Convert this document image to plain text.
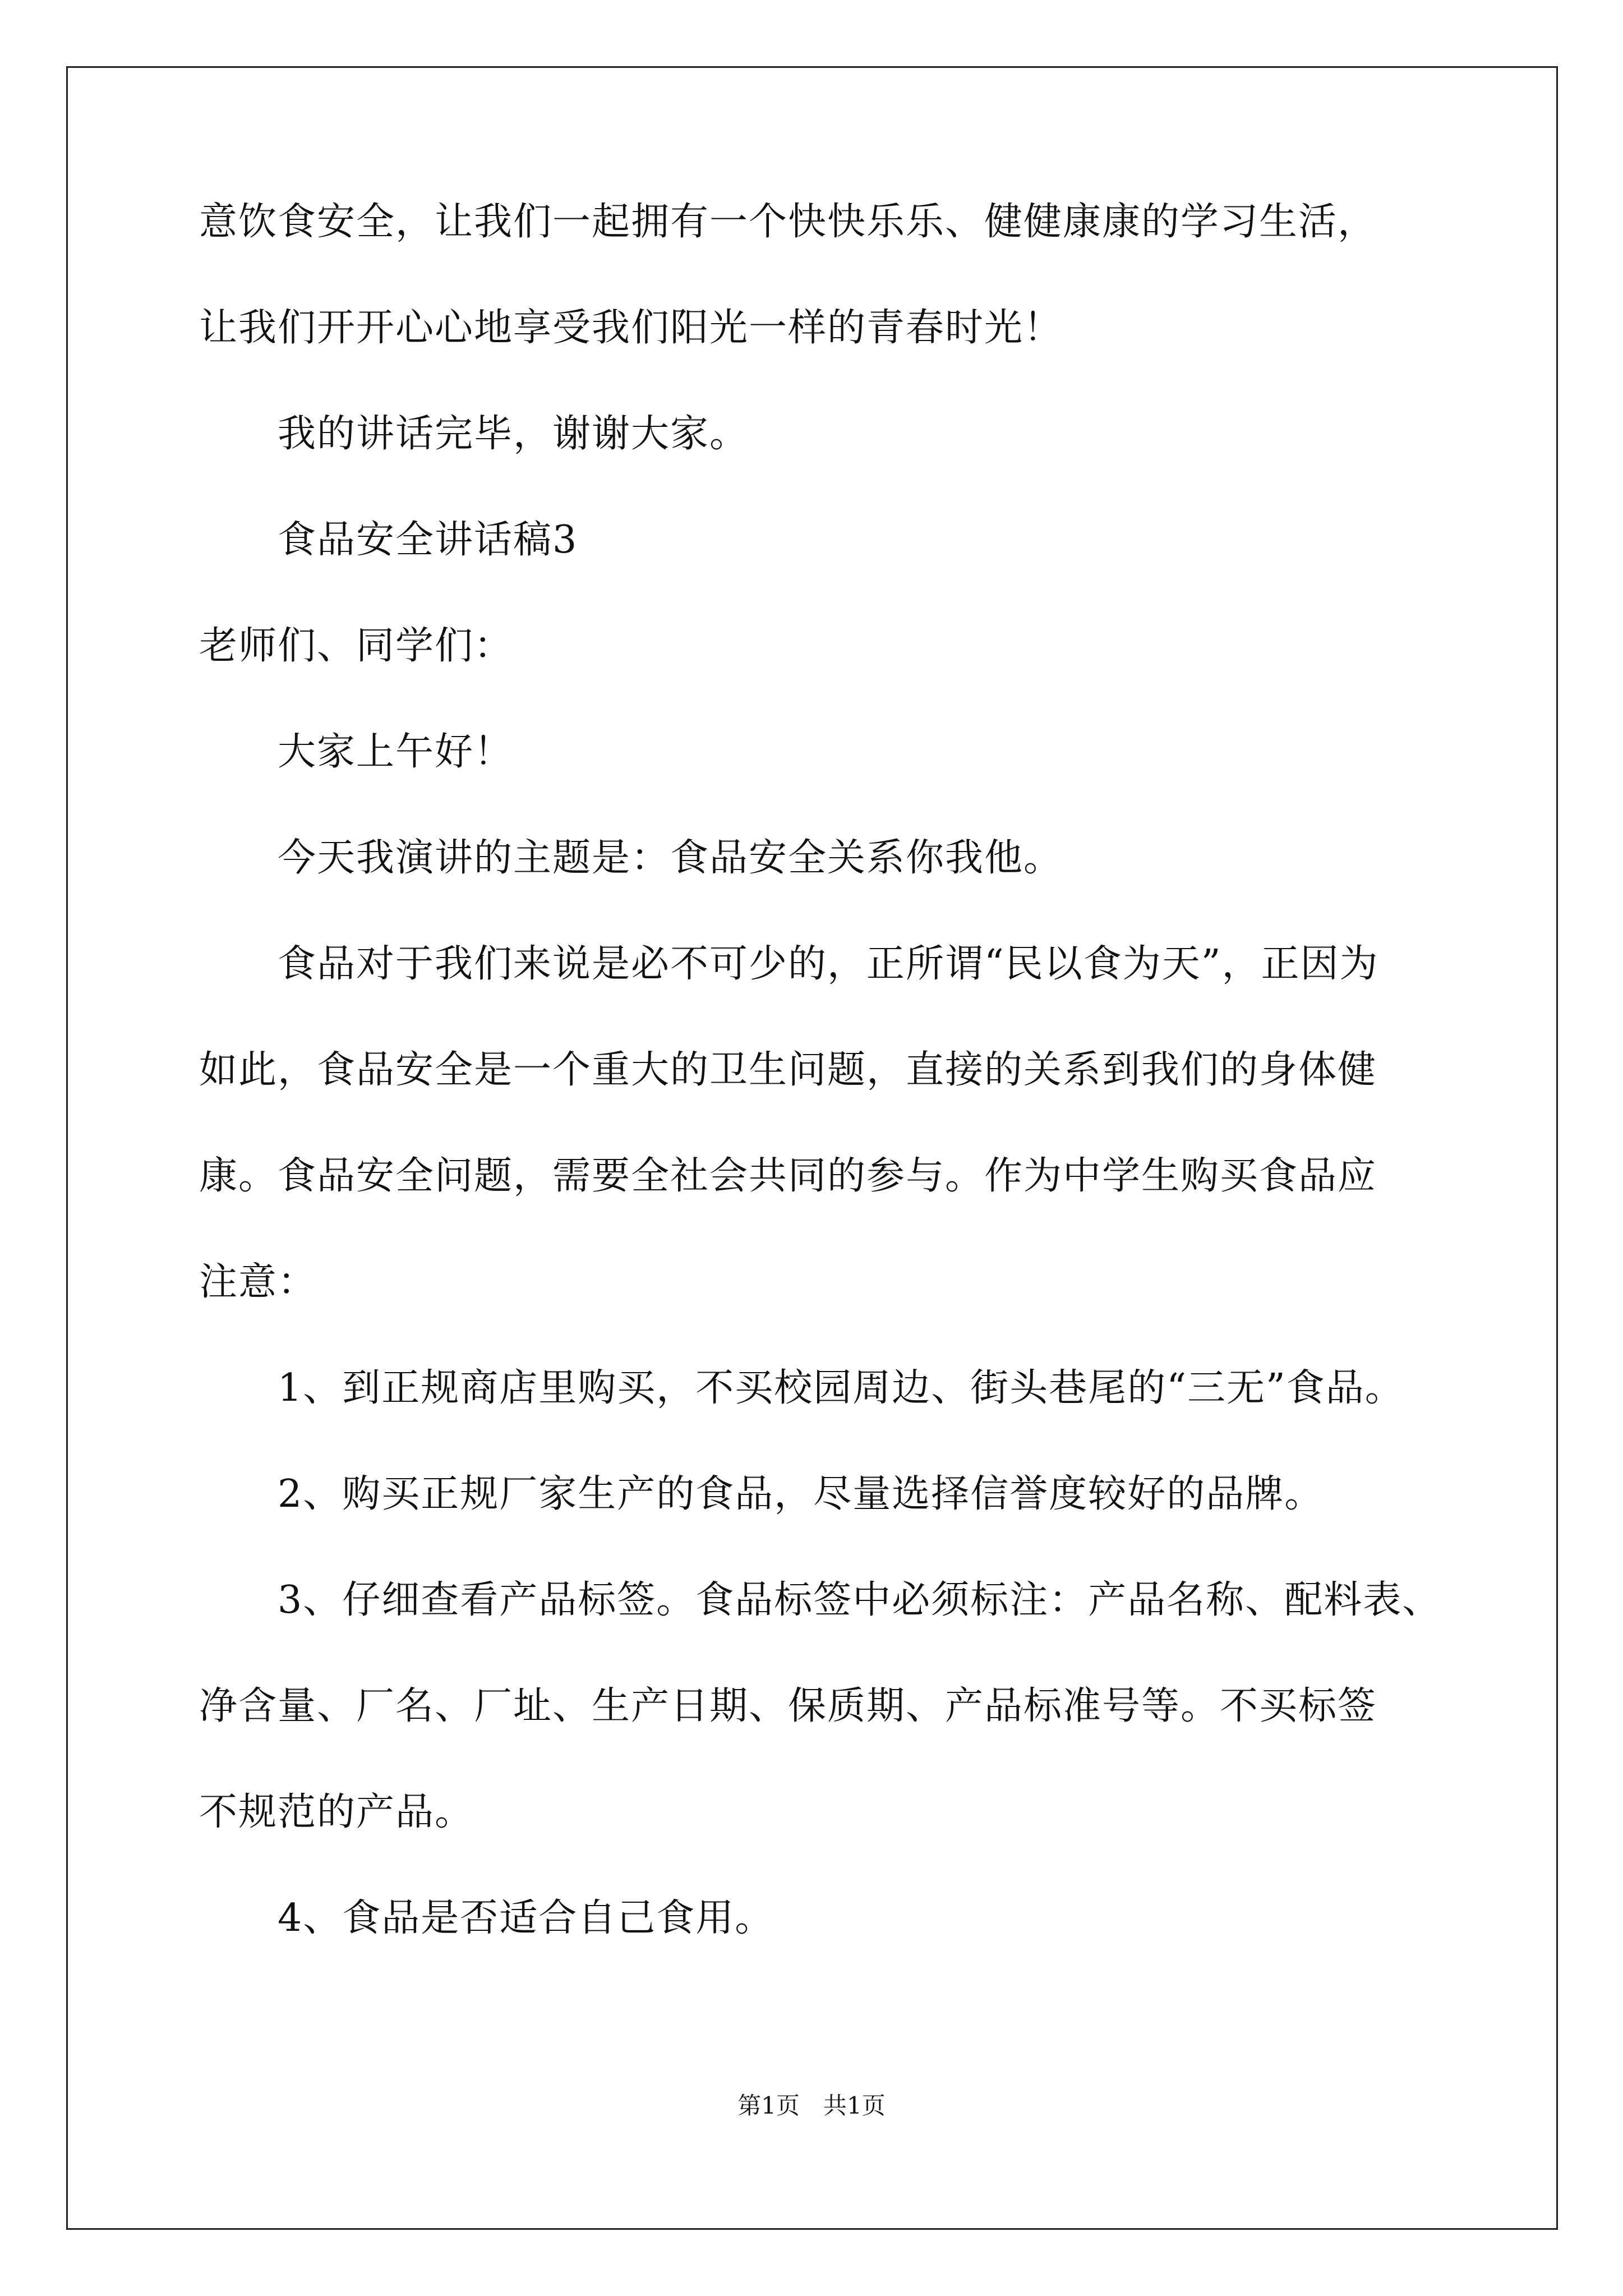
意饮食安全，让我们一起拥有一个快快乐乐、健健康康的学习生活，
让我们开开心心地享受我们阳光一样的青春时光！
我的讲话完毕，谢谢大家。
食品安全讲话稿3
老师们、同学们：
大家上午好！
今天我演讲的主题是：食品安全关系你我他。
食品对于我们来说是必不可少的，正所谓“民以食为天”，正因为
如此，食品安全是一个重大的卫生问题，直接的关系到我们的身体健
康。食品安全问题，需要全社会共同的参与。作为中学生购买食品应
注意：
1、到正规商店里购买，不买校园周边、街头巷尾的“三无”食品。
2、购买正规厂家生产的食品，尽量选择信誉度较好的品牌。
3、仔细查看产品标签。食品标签中必须标注：产品名称、配料表、
净含量、厂名、厂址、生产日期、保质期、产品标准号等。不买标签
不规范的产品。
4、食品是否适合自己食用。
第1页　共1页
